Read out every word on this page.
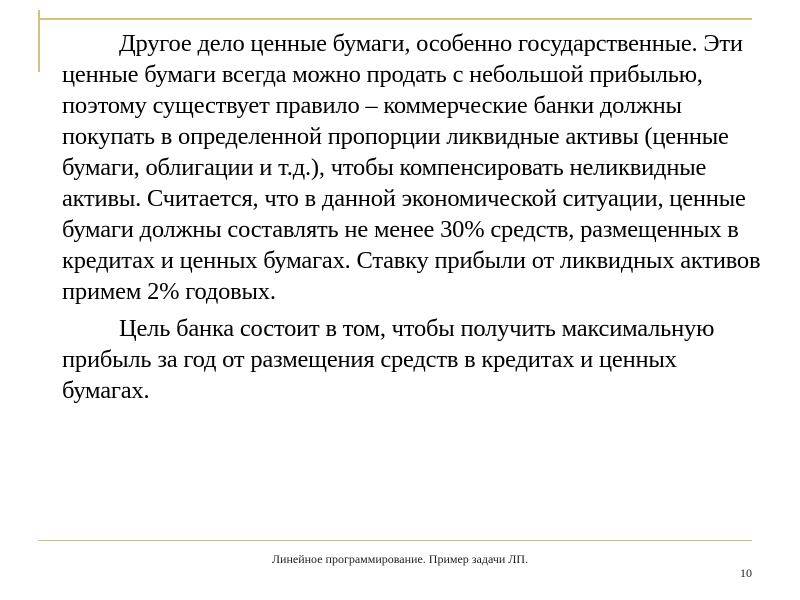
Другое дело ценные бумаги, особенно государственные. Эти ценные бумаги всегда можно продать с небольшой прибылью, поэтому существует правило – коммерческие банки должны покупать в определенной пропорции ликвидные активы (ценные бумаги, облигации и т.д.), чтобы компенсировать неликвидные активы. Считается, что в данной экономической ситуации, ценные бумаги должны составлять не менее 30% средств, размещенных в кредитах и ценных бумагах. Ставку прибыли от ликвидных активов примем 2% годовых.

Цель банка состоит в том, чтобы получить максимальную прибыль за год от размещения средств в кредитах и ценных бумагах.

Линейное программирование. Пример задачи ЛП.
10
